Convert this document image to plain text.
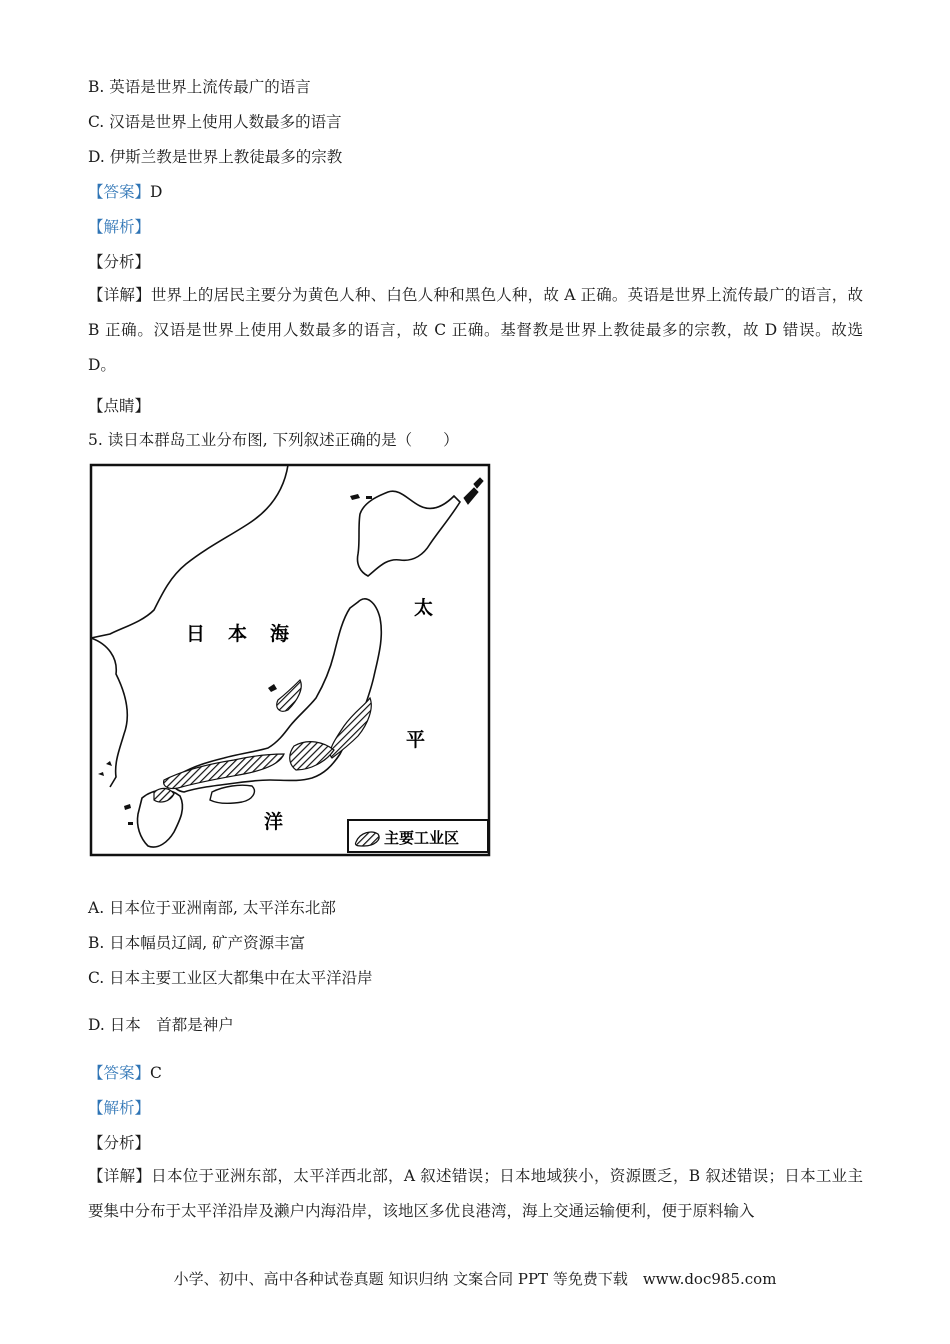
B. 英语是世界上流传最广的语言
C. 汉语是世界上使用人数最多的语言
D. 伊斯兰教是世界上教徒最多的宗教
【答案】D
【解析】
【分析】
【详解】世界上的居民主要分为黄色人种、白色人种和黑色人种，故 A 正确。英语是世界上流传最广的语言，故 B 正确。汉语是世界上使用人数最多的语言，故 C 正确。基督教是世界上教徒最多的宗教，故 D 错误。故选 D。
【点睛】
5. 读日本群岛工业分布图, 下列叙述正确的是（　　）
日 本 海
太
平
洋
主要工业区
A. 日本位于亚洲南部, 太平洋东北部
B. 日本幅员辽阔, 矿产资源丰富
C. 日本主要工业区大都集中在太平洋沿岸
D. 日本　首都是神户
【答案】C
【解析】
【分析】
【详解】日本位于亚洲东部，太平洋西北部，A 叙述错误；日本地域狭小，资源匮乏，B 叙述错误；日本工业主要集中分布于太平洋沿岸及濑户内海沿岸，该地区多优良港湾，海上交通运输便利，便于原料输入
小学、初中、高中各种试卷真题 知识归纳 文案合同 PPT 等免费下载　www.doc985.com
